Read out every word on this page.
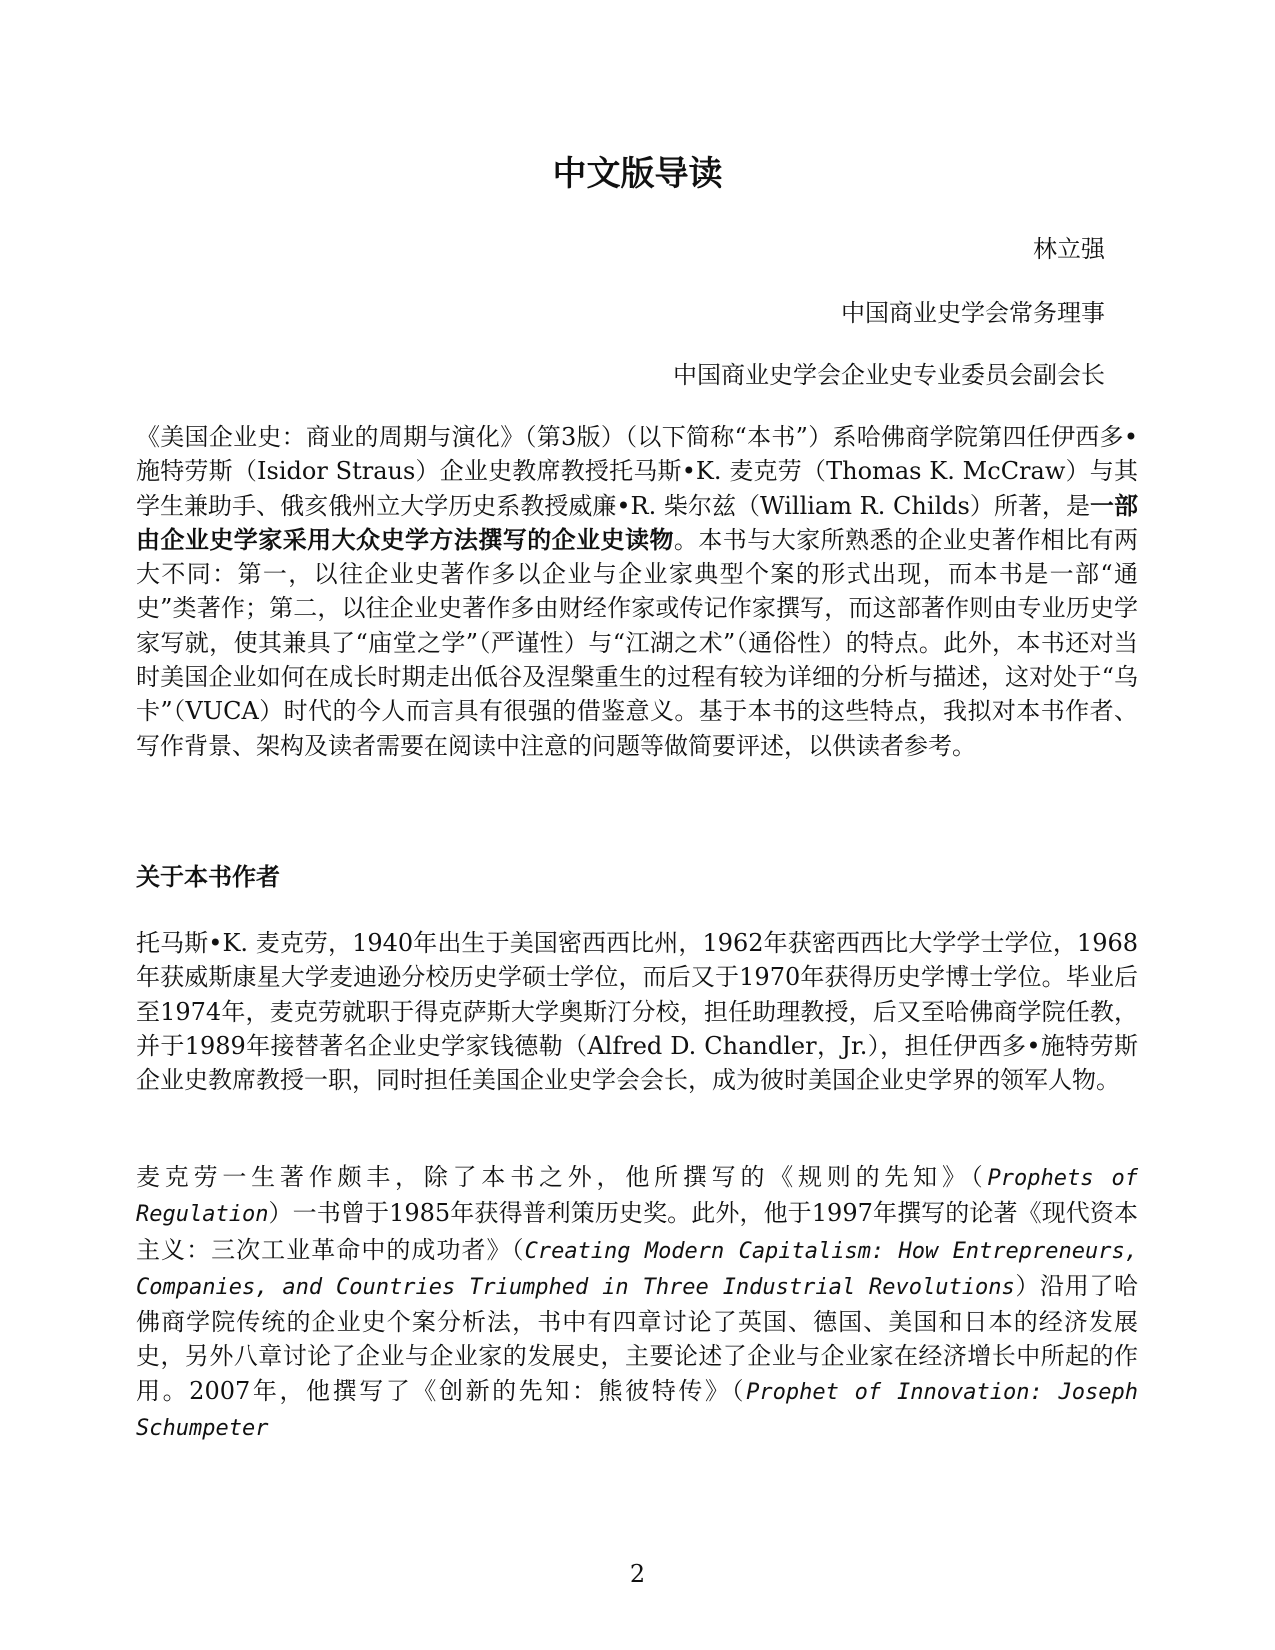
中文版导读
林立强
中国商业史学会常务理事
中国商业史学会企业史专业委员会副会长

《美国企业史：商业的周期与演化》（第3版）（以下简称“本书”）系哈佛商学院第四任伊西多•施特劳斯（Isidor Straus）企业史教席教授托马斯•K. 麦克劳（Thomas K. McCraw）与其学生兼助手、俄亥俄州立大学历史系教授威廉•R. 柴尔兹（William R. Childs）所著，是一部由企业史学家采用大众史学方法撰写的企业史读物。本书与大家所熟悉的企业史著作相比有两大不同：第一，以往企业史著作多以企业与企业家典型个案的形式出现，而本书是一部“通史”类著作；第二，以往企业史著作多由财经作家或传记作家撰写，而这部著作则由专业历史学家写就，使其兼具了“庙堂之学”（严谨性）与“江湖之术”（通俗性）的特点。此外，本书还对当时美国企业如何在成长时期走出低谷及涅槃重生的过程有较为详细的分析与描述，这对处于“乌卡”（VUCA）时代的今人而言具有很强的借鉴意义。基于本书的这些特点，我拟对本书作者、写作背景、架构及读者需要在阅读中注意的问题等做简要评述，以供读者参考。

关于本书作者

托马斯•K. 麦克劳，1940年出生于美国密西西比州，1962年获密西西比大学学士学位，1968年获威斯康星大学麦迪逊分校历史学硕士学位，而后又于1970年获得历史学博士学位。毕业后至1974年，麦克劳就职于得克萨斯大学奥斯汀分校，担任助理教授，后又至哈佛商学院任教，并于1989年接替著名企业史学家钱德勒（Alfred D. Chandler，Jr.），担任伊西多•施特劳斯企业史教席教授一职，同时担任美国企业史学会会长，成为彼时美国企业史学界的领军人物。

麦克劳一生著作颇丰，除了本书之外，他所撰写的《规则的先知》（Prophets of Regulation）一书曾于1985年获得普利策历史奖。此外，他于1997年撰写的论著《现代资本主义：三次工业革命中的成功者》（Creating Modern Capitalism: How Entrepreneurs, Companies, and Countries Triumphed in Three Industrial Revolutions）沿用了哈佛商学院传统的企业史个案分析法，书中有四章讨论了英国、德国、美国和日本的经济发展史，另外八章讨论了企业与企业家的发展史，主要论述了企业与企业家在经济增长中所起的作用。2007年，他撰写了《创新的先知：熊彼特传》（Prophet of Innovation: Joseph Schumpeter

2
